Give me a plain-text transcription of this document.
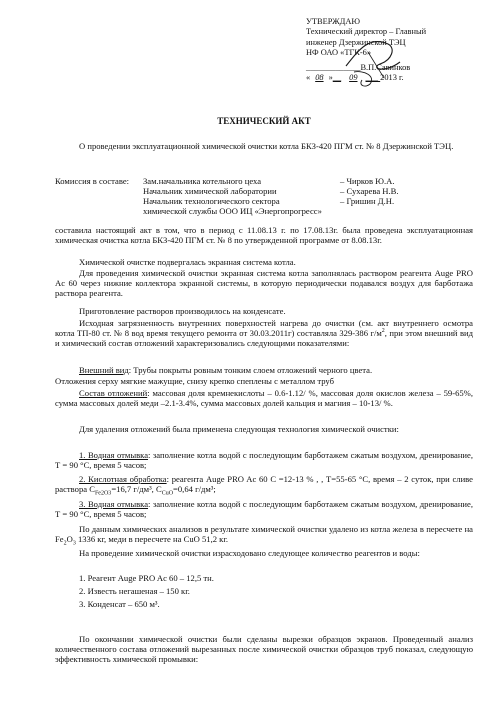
УТВЕРЖДАЮ
Технический директор – Главный
инженер Дзержинской ТЭЦ
НФ ОАО «ТГК-6»
_____________В.П.Савинков
« 08 »__ 09 ___ 2013 г.
ТЕХНИЧЕСКИЙ АКТ
О проведении эксплуатационной химической очистки котла БКЗ-420 ПГМ ст. № 8 Дзержинской ТЭЦ.
Комиссия в составе:	Зам.начальника котельного цеха	– Чирков Ю.А.
Начальник химической лаборатории	– Сухарева Н.В.
Начальник технологического сектора	– Гришин Д.Н.
химической службы ООО ИЦ «Энергопрогресс»
составила настоящий акт в том, что в период с 11.08.13 г. по 17.08.13г. была проведена эксплуатационная химическая очистка котла БКЗ-420 ПГМ ст. № 8 по утвержденной программе от 8.08.13г.
Химической очистке подвергалась экранная система котла.
Для проведения химической очистки экранная система котла заполнялась раствором реагента Auge PRO Ac 60 через нижние коллектора экранной системы, в которую периодически подавался воздух для барботажа раствора реагента.
Приготовление растворов производилось на конденсате.
Исходная загрязненность внутренних поверхностей нагрева до очистки (см. акт внутреннего осмотра котла ТП-80 ст. № 8 вод время текущего ремонта от 30.03.2011г) составляла 329-386 $г/м^2$, при этом внешний вид и химический состав отложений характеризовались следующими показателями:
Внешний вид: Трубы покрыты ровным тонким слоем отложений черного цвета.
Отложения серху мягкие мажущие, снизу крепко спеплены с металлом труб
Состав отложений: массовая доля кремнекислоты – 0.6-1.12/ %, массовая доля окислов железа – 59-65%, сумма массовых долей меди –2.1-3.4%, сумма массовых долей кальция и магния – 10-13/ %.
Для удаления отложений была применена следующая технология химической очистки:
1. Водная отмывка: заполнение котла водой с последующим барботажем сжатым воздухом, дренирование, Т = 90 °С, время 5 часов;
2. Кислотная обработка: реагента Auge PRO Ac 60 С =12-13 % , , Т=55-65 °С, время – 2 суток, при сливе раствора $С_{Fe2O3}=16,7$ г/дм³, $С_{CuO}=0,64$ г/дм³;
3. Водная отмывка: заполнение котла водой с последующим барботажем сжатым воздухом, дренирование, Т = 90 °С, время 5 часов;
По данным химических анализов в результате химической очистки удалено из котла железа в пересчете на $Fe_2O_3$ 1336 кг, меди в пересчете на CuO 51,2 кг.
На проведение химической очистки израсходовано следующее количество реагентов и воды:
1. Реагент Auge PRO Ac 60 – 12,5 тн.
2. Известь негашеная – 150 кг.
3. Конденсат – 650 м³.
По окончании химической очистки были сделаны вырезки образцов экранов. Проведенный анализ количественного состава отложений вырезанных после химической очистки образцов труб показал, следующую эффективность химической промывки:
